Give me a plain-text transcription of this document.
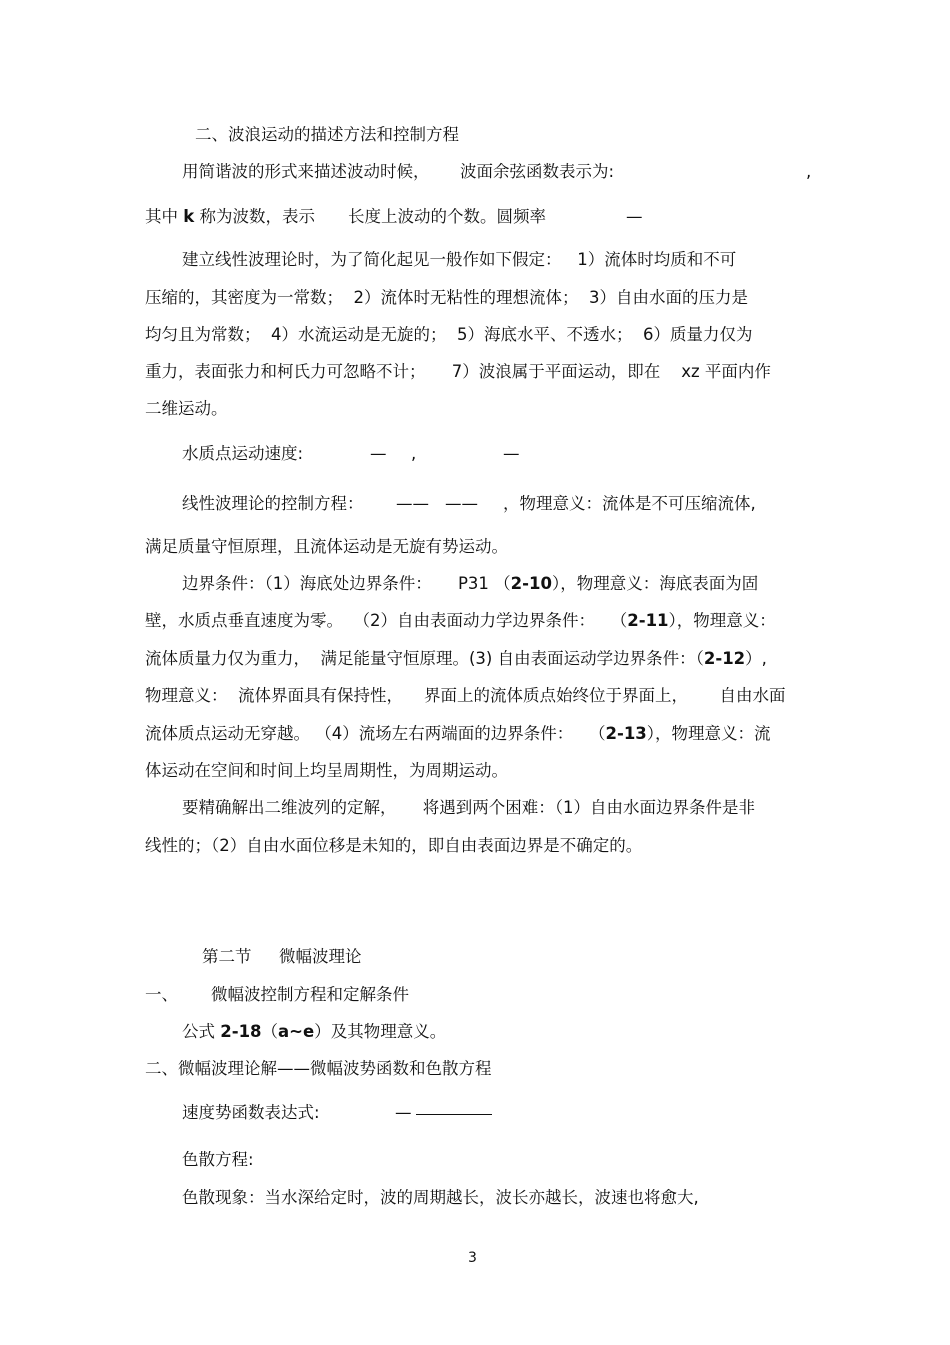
二、波浪运动的描述方法和控制方程
用简谐波的形式来描述波动时候， 波面余弦函数表示为:	,
其中 k 称为波数，表示 长度上波动的个数。圆频率	—
建立线性波理论时，为了简化起见一般作如下假定：   1）流体时均质和不可
压缩的，其密度为一常数；  2）流体时无粘性的理想流体；  3）自由水面的压力是
均匀且为常数；  4）水流运动是无旋的；  5）海底水平、不透水；  6）质量力仅为
重力，表面张力和柯氏力可忽略不计；     7）波浪属于平面运动，即在    xz 平面内作
二维运动。
水质点运动速度:	— ,	—
线性波理论的控制方程： —— —— ，物理意义：流体是不可压缩流体,
满足质量守恒原理，且流体运动是无旋有势运动。
边界条件：（1）海底处边界条件：     P31 （2-10），物理意义：海底表面为固
壁，水质点垂直速度为零。  （2）自由表面动力学边界条件：   （2-11），物理意义：
流体质量力仅为重力，  满足能量守恒原理。(3) 自由表面运动学边界条件：（2-12）,
物理意义：  流体界面具有保持性，    界面上的流体质点始终位于界面上，      自由水面
流体质点运动无穿越。 （4）流场左右两端面的边界条件：   （2-13），物理意义：流
体运动在空间和时间上均呈周期性，为周期运动。
要精确解出二维波列的定解，     将遇到两个困难：（1）自由水面边界条件是非
线性的；（2）自由水面位移是未知的，即自由表面边界是不确定的。
第二节 微幅波理论
一、 微幅波控制方程和定解条件
公式 2-18（a~e）及其物理意义。
二、微幅波理论解——微幅波势函数和色散方程
速度势函数表达式:	—
色散方程:
色散现象：当水深给定时，波的周期越长，波长亦越长，波速也将愈大,
3
